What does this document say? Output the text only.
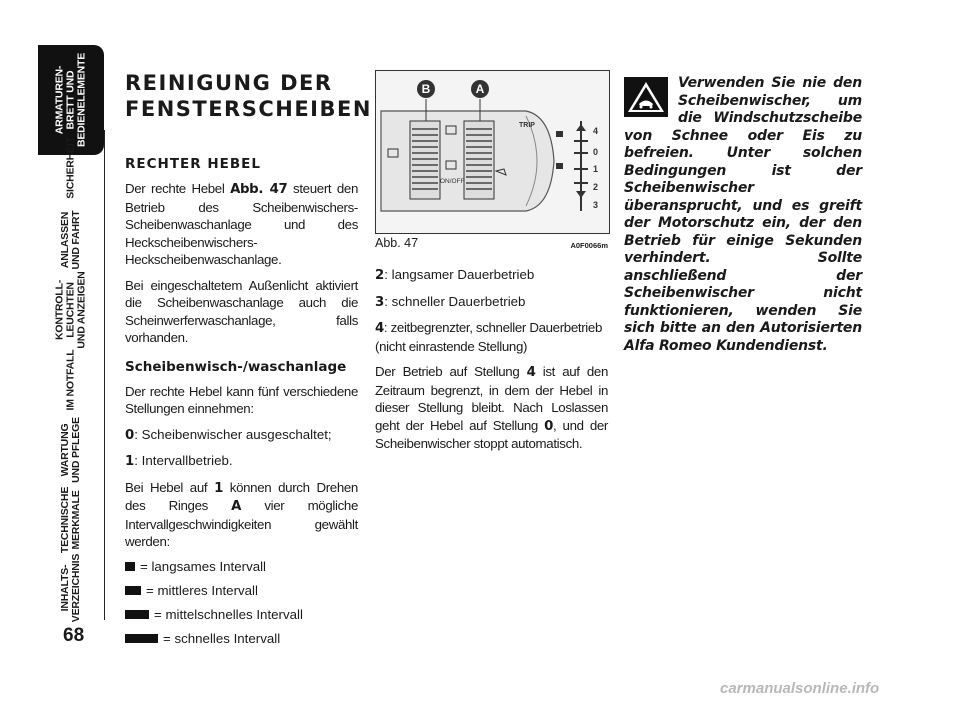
ARMATUREN- BRETT UND BEDIENELEMENTE
SICHERHEIT
ANLASSEN UND FAHRT
KONTROLL- LEUCHTEN UND ANZEIGEN
IM NOTFALL
WARTUNG UND PFLEGE
TECHNISCHE MERKMALE
INHALTS- VERZEICHNIS
68
REINIGUNG DER
FENSTERSCHEIBEN
RECHTER HEBEL

Der rechte Hebel Abb. 47 steuert den Betrieb des Scheibenwischers-Scheibenwaschanlage und des Heckscheibenwischers-Heckscheibenwaschanlage.

Bei eingeschaltetem Außenlicht aktiviert die Scheibenwaschanlage auch die Scheinwerferwaschanlage, falls vorhanden.

Scheibenwisch-/waschanlage

Der rechte Hebel kann fünf verschiedene Stellungen einnehmen:

0: Scheibenwischer ausgeschaltet;

1: Intervallbetrieb.

Bei Hebel auf 1 können durch Drehen des Ringes A vier mögliche Intervallgeschwindigkeiten gewählt werden:

= langsames Intervall
= mittleres Intervall
= mittelschnelles Intervall
= schnelles Intervall
B	A
TRIP
ON/OFF
4
0
1
2
3
Abb. 47	A0F0066m

2: langsamer Dauerbetrieb

3: schneller Dauerbetrieb

4: zeitbegrenzter, schneller Dauerbetrieb (nicht einrastende Stellung)

Der Betrieb auf Stellung 4 ist auf den Zeitraum begrenzt, in dem der Hebel in dieser Stellung bleibt. Nach Loslassen geht der Hebel auf Stellung 0, und der Scheibenwischer stoppt automatisch.

Verwenden Sie nie den Scheibenwischer, um die Windschutzscheibe von Schnee oder Eis zu befreien. Unter solchen Bedingungen ist der Scheibenwischer überansprucht, und es greift der Motorschutz ein, der den Betrieb für einige Sekunden verhindert. Sollte anschließend der Scheibenwischer nicht funktionieren, wenden Sie sich bitte an den Autorisierten Alfa Romeo Kundendienst.
carmanualsonline.info
